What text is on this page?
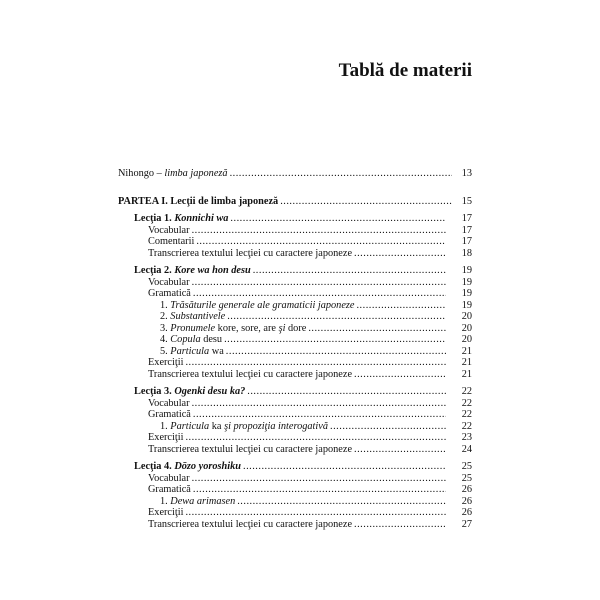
Tablă de materii
Nihongo – limba japoneză .....	13
PARTEA I. Lecţii de limba japoneză .....	15
Lecţia 1. Konnichi wa .....	17
Vocabular .....	17
Comentarii .....	17
Transcrierea textului lecţiei cu caractere japoneze .....	18
Lecţia 2. Kore wa hon desu .....	19
Vocabular .....	19
Gramatică .....	19
1. Trăsăturile generale ale gramaticii japoneze .....	19
2. Substantivele .....	20
3. Pronumele kore, sore, are şi dore .....	20
4. Copula desu .....	20
5. Particula wa .....	21
Exerciţii .....	21
Transcrierea textului lecţiei cu caractere japoneze .....	21
Lecţia 3. Ogenki desu ka? .....	22
Vocabular .....	22
Gramatică .....	22
1. Particula ka şi propoziţia interogativă .....	22
Exerciţii .....	23
Transcrierea textului lecţiei cu caractere japoneze .....	24
Lecţia 4. Dōzo yoroshiku .....	25
Vocabular .....	25
Gramatică .....	26
1. Dewa arimasen .....	26
Exerciţii .....	26
Transcrierea textului lecţiei cu caractere japoneze .....	27
